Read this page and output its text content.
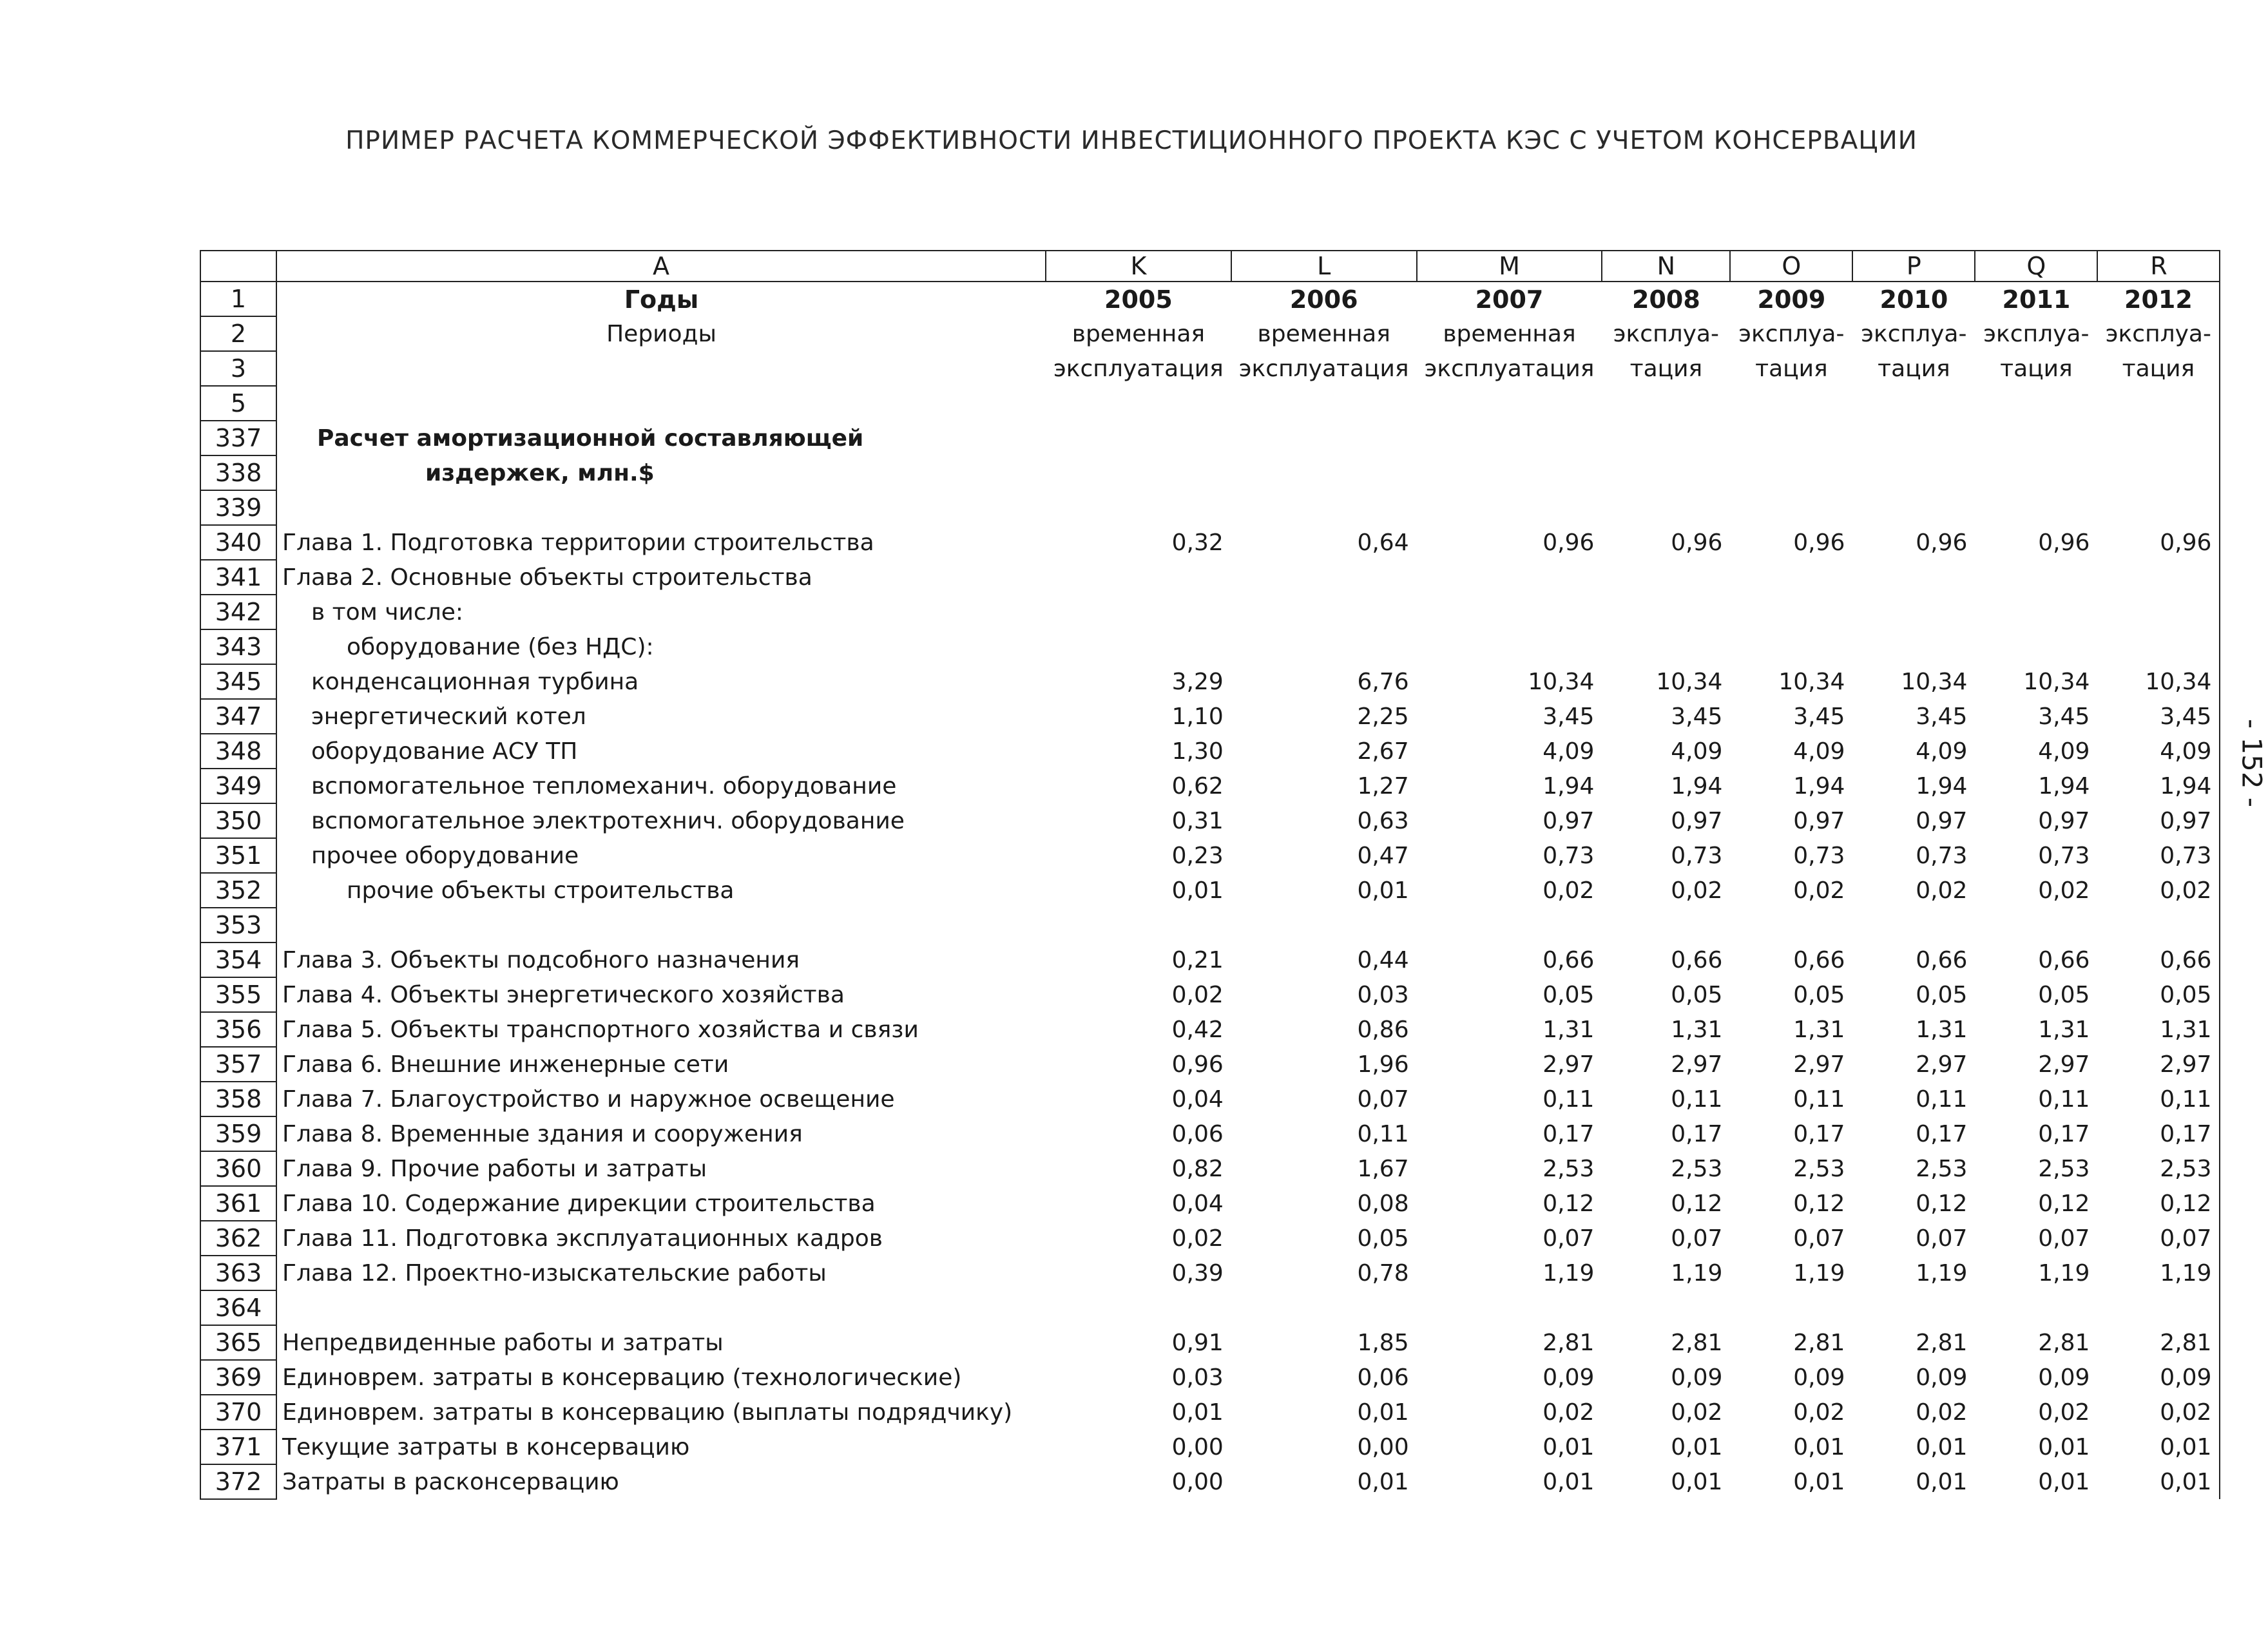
ПРИМЕР РАСЧЕТА КОММЕРЧЕСКОЙ ЭФФЕКТИВНОСТИ ИНВЕСТИЦИОННОГО ПРОЕКТА КЭС С УЧЕТОМ КОНСЕРВАЦИИ
- 152 -
	A	K	L	M	N	O	P	Q	R
1	Годы	2005	2006	2007	2008	2009	2010	2011	2012
2	Периоды	временная	временная	временная	эксплуа-	эксплуа-	эксплуа-	эксплуа-	эксплуа-
3		эксплуатация	эксплуатация	эксплуатация	тация	тация	тация	тация	тация
5									
337	Расчет амортизационной составляющей								
338	издержек, млн.$								
339									
340	Глава 1. Подготовка территории строительства	0,32	0,64	0,96	0,96	0,96	0,96	0,96	0,96
341	Глава 2. Основные объекты строительства								
342	в том числе:								
343	оборудование (без НДС):								
345	конденсационная турбина	3,29	6,76	10,34	10,34	10,34	10,34	10,34	10,34
347	энергетический котел	1,10	2,25	3,45	3,45	3,45	3,45	3,45	3,45
348	оборудование АСУ ТП	1,30	2,67	4,09	4,09	4,09	4,09	4,09	4,09
349	вспомогательное тепломеханич. оборудование	0,62	1,27	1,94	1,94	1,94	1,94	1,94	1,94
350	вспомогательное электротехнич. оборудование	0,31	0,63	0,97	0,97	0,97	0,97	0,97	0,97
351	прочее оборудование	0,23	0,47	0,73	0,73	0,73	0,73	0,73	0,73
352	прочие объекты строительства	0,01	0,01	0,02	0,02	0,02	0,02	0,02	0,02
353									
354	Глава 3. Объекты подсобного назначения	0,21	0,44	0,66	0,66	0,66	0,66	0,66	0,66
355	Глава 4. Объекты энергетического хозяйства	0,02	0,03	0,05	0,05	0,05	0,05	0,05	0,05
356	Глава 5. Объекты транспортного хозяйства и связи	0,42	0,86	1,31	1,31	1,31	1,31	1,31	1,31
357	Глава 6. Внешние инженерные сети	0,96	1,96	2,97	2,97	2,97	2,97	2,97	2,97
358	Глава 7. Благоустройство и наружное освещение	0,04	0,07	0,11	0,11	0,11	0,11	0,11	0,11
359	Глава 8. Временные здания и сооружения	0,06	0,11	0,17	0,17	0,17	0,17	0,17	0,17
360	Глава 9. Прочие работы и затраты	0,82	1,67	2,53	2,53	2,53	2,53	2,53	2,53
361	Глава 10. Содержание дирекции строительства	0,04	0,08	0,12	0,12	0,12	0,12	0,12	0,12
362	Глава 11. Подготовка эксплуатационных кадров	0,02	0,05	0,07	0,07	0,07	0,07	0,07	0,07
363	Глава 12. Проектно-изыскательские работы	0,39	0,78	1,19	1,19	1,19	1,19	1,19	1,19
364									
365	Непредвиденные работы и затраты	0,91	1,85	2,81	2,81	2,81	2,81	2,81	2,81
369	Единоврем. затраты в консервацию (технологические)	0,03	0,06	0,09	0,09	0,09	0,09	0,09	0,09
370	Единоврем. затраты в консервацию (выплаты подрядчику)	0,01	0,01	0,02	0,02	0,02	0,02	0,02	0,02
371	Текущие затраты в консервацию	0,00	0,00	0,01	0,01	0,01	0,01	0,01	0,01
372	Затраты в расконсервацию	0,00	0,01	0,01	0,01	0,01	0,01	0,01	0,01
